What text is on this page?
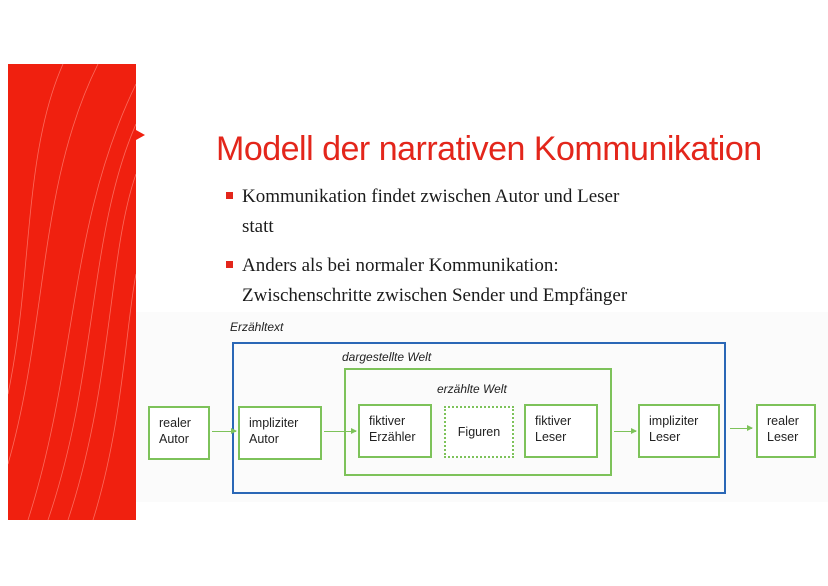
Modell der narrativen Kommunikation
Kommunikation findet zwischen Autor und Leser
statt
Anders als bei normaler Kommunikation:
Zwischenschritte zwischen Sender und Empfänger
Erzähltext
dargestellte Welt
erzählte Welt
realer
Autor
impliziter
Autor
fiktiver
Erzähler	Figuren
fiktiver
Leser
impliziter
Leser
realer
Leser
